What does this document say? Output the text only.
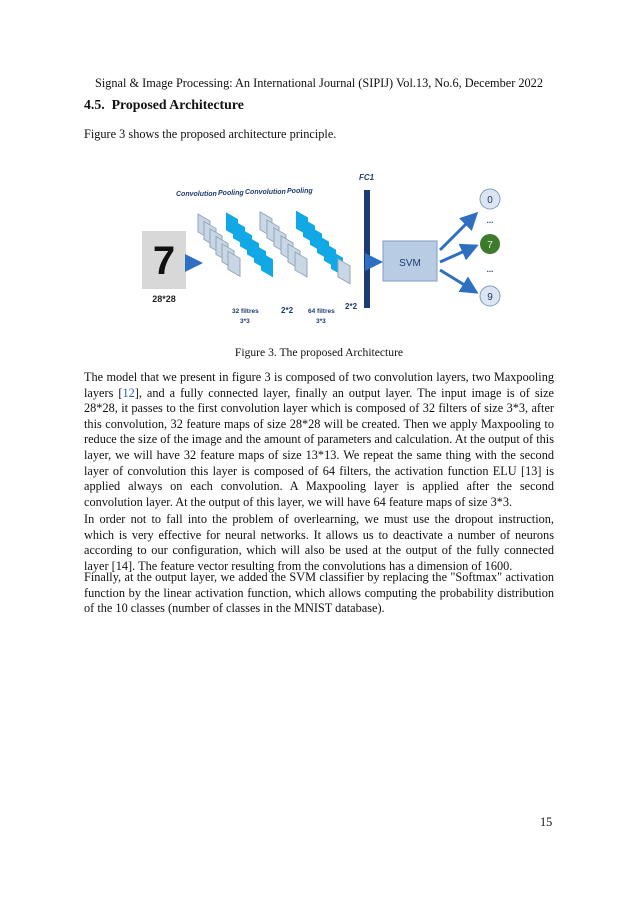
Signal & Image Processing: An International Journal (SIPIJ) Vol.13, No.6, December 2022
4.5. Proposed Architecture
Figure 3 shows the proposed architecture principle.
7
28*28
Convolution Pooling Convolution Pooling
32 filtres
3*3
2*2 64 filtres
3*3
2*2
FC1
SVM
0
...
7
...
9
Figure 3. The proposed Architecture

The model that we present in figure 3 is composed of two convolution layers, two Maxpooling layers [12], and a fully connected layer, finally an output layer. The input image is of size 28*28, it passes to the first convolution layer which is composed of 32 filters of size 3*3, after this convolution, 32 feature maps of size 28*28 will be created. Then we apply Maxpooling to reduce the size of the image and the amount of parameters and calculation. At the output of this layer, we will have 32 feature maps of size 13*13. We repeat the same thing with the second layer of convolution this layer is composed of 64 filters, the activation function ELU [13] is applied always on each convolution. A Maxpooling layer is applied after the second convolution layer. At the output of this layer, we will have 64 feature maps of size 3*3.

In order not to fall into the problem of overlearning, we must use the dropout instruction, which is very effective for neural networks. It allows us to deactivate a number of neurons according to our configuration, which will also be used at the output of the fully connected layer [14]. The feature vector resulting from the convolutions has a dimension of 1600.

Finally, at the output layer, we added the SVM classifier by replacing the "Softmax" activation function by the linear activation function, which allows computing the probability distribution of the 10 classes (number of classes in the MNIST database).

15
